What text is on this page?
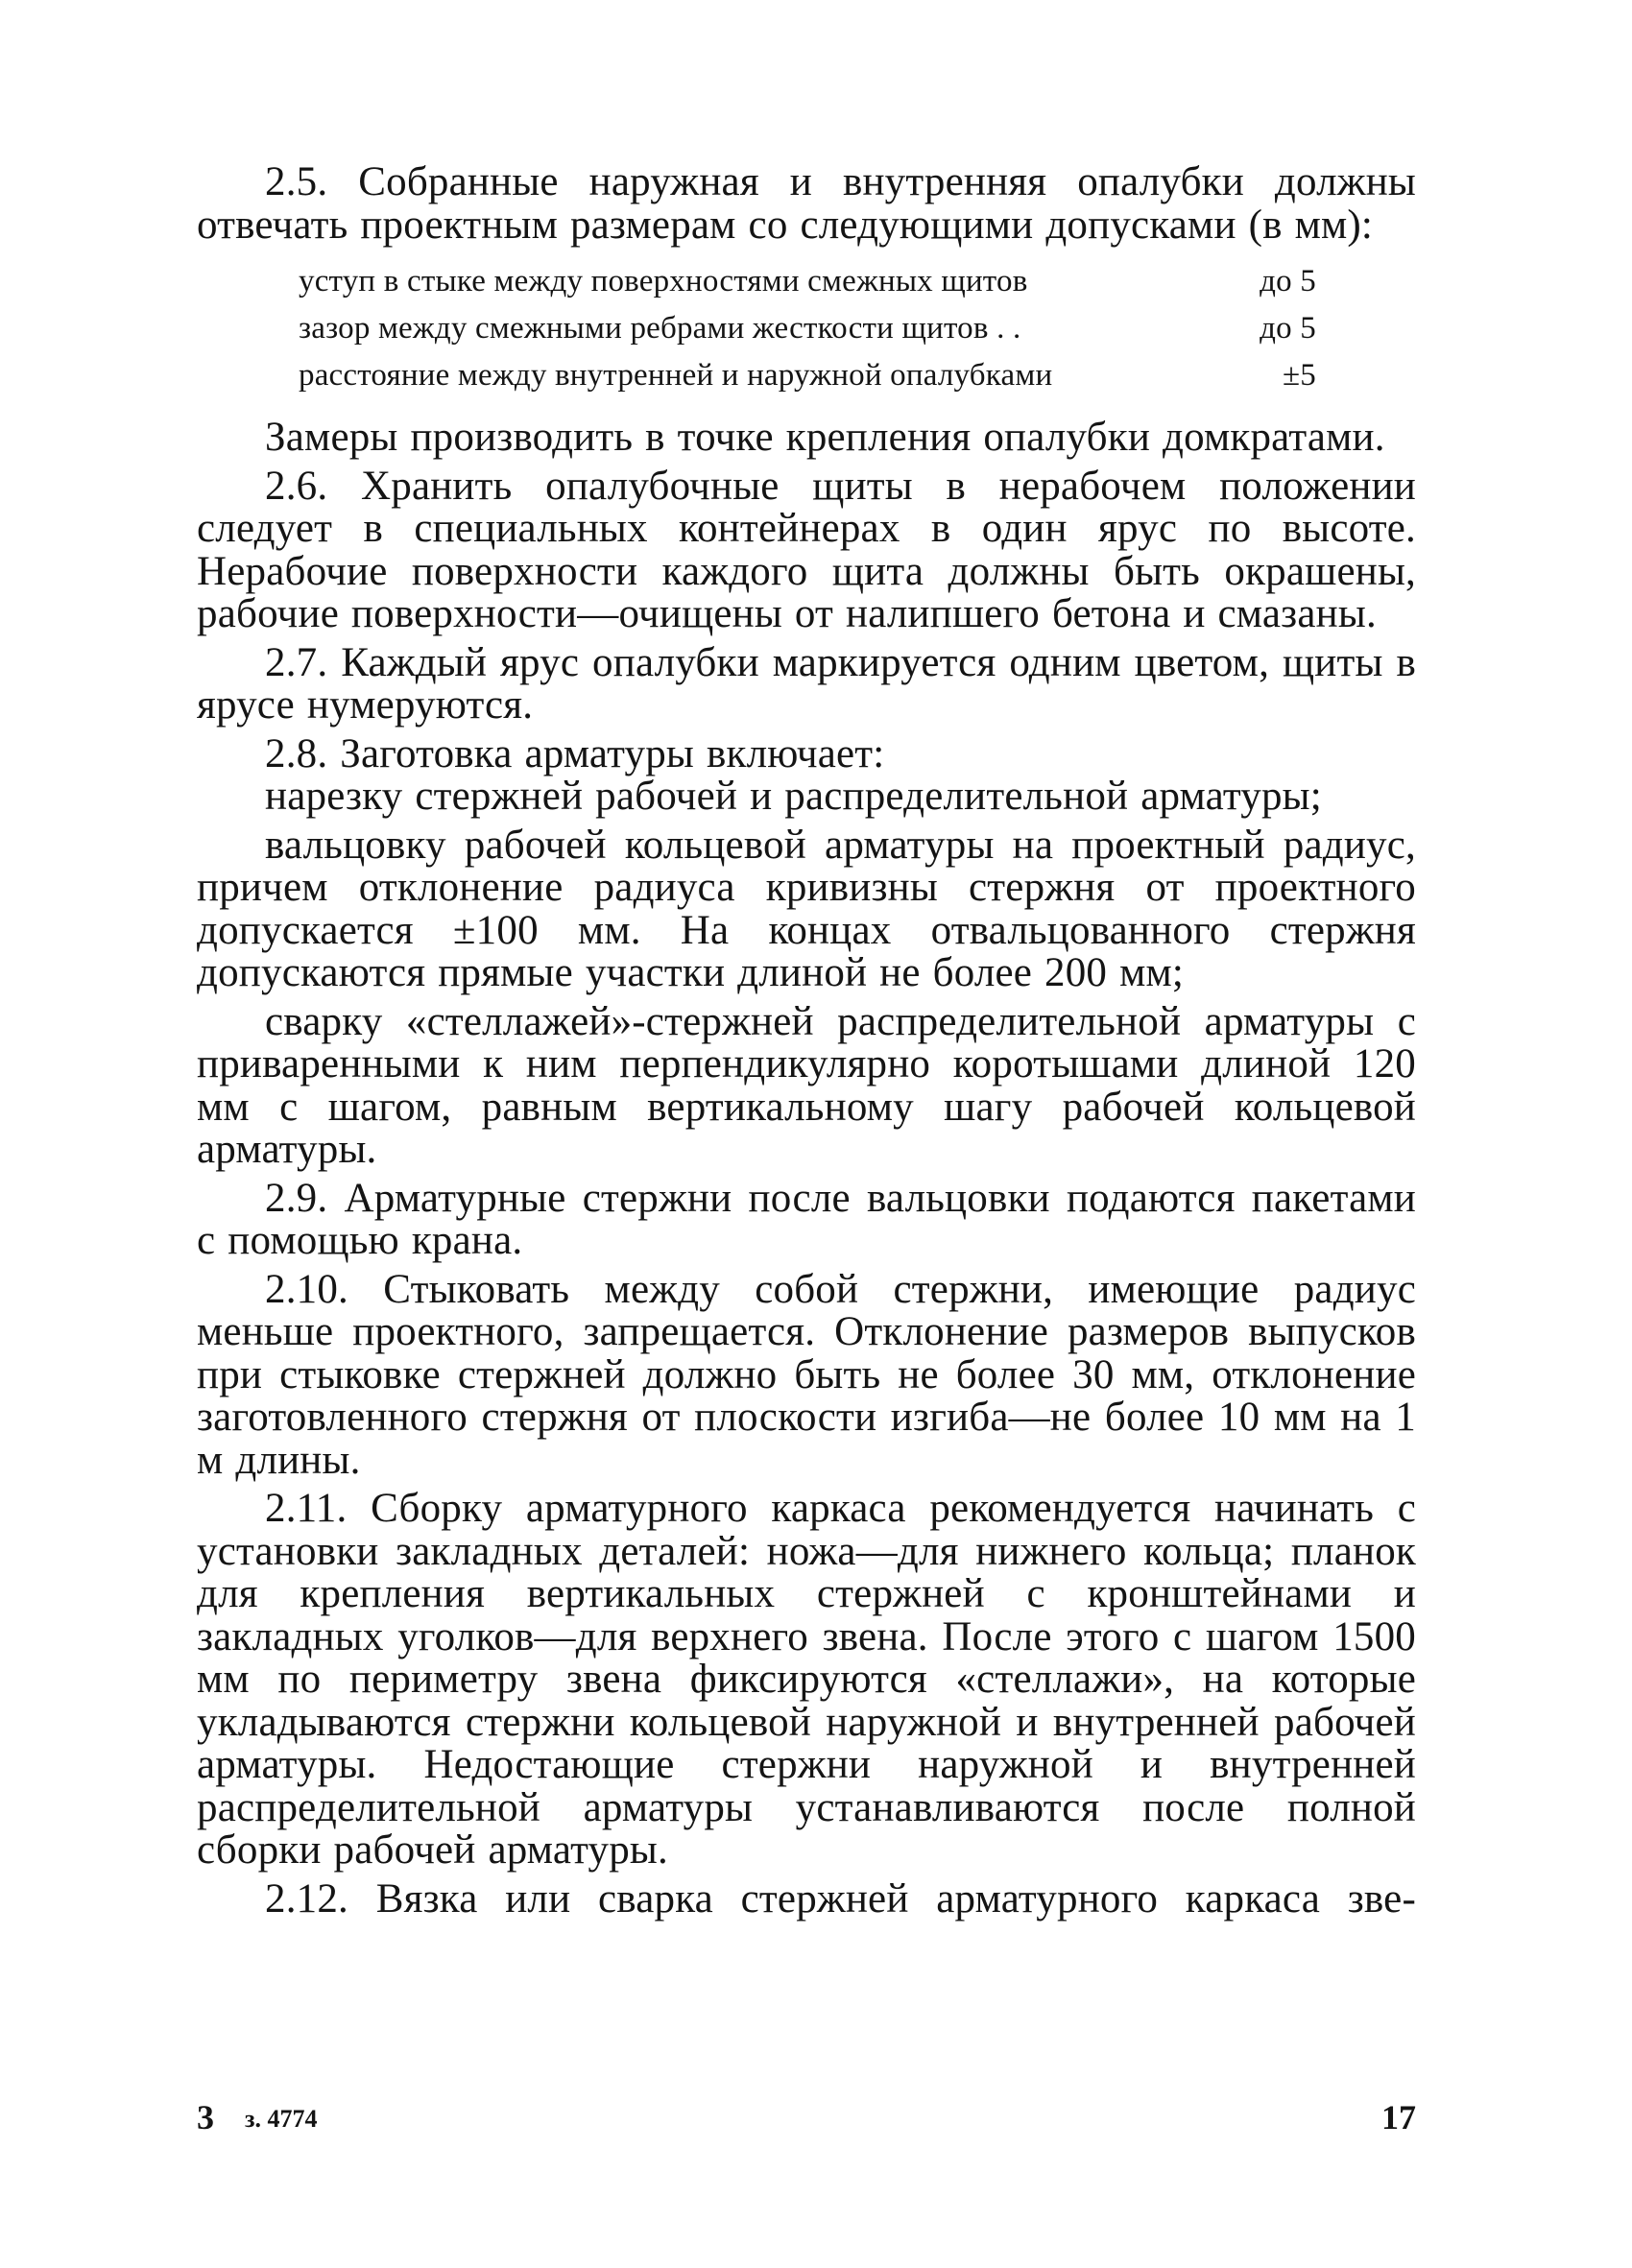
2.5. Собранные наружная и внутренняя опалубки должны отвечать проектным размерам со следующими допусками (в мм):

уступ в стыке между поверхностями смежных щитов	до 5
зазор между смежными ребрами жесткости щитов . .	до 5
расстояние между внутренней и наружной опалубками	±5

Замеры производить в точке крепления опалубки домкратами.

2.6. Хранить опалубочные щиты в нерабочем положении следует в специальных контейнерах в один ярус по высоте. Нерабочие поверхности каждого щита должны быть окрашены, рабочие поверхности—очищены от налипшего бетона и смазаны.

2.7. Каждый ярус опалубки маркируется одним цветом, щиты в ярусе нумеруются.

2.8. Заготовка арматуры включает:

нарезку стержней рабочей и распределительной арматуры;

вальцовку рабочей кольцевой арматуры на проектный радиус, причем отклонение радиуса кривизны стержня от проектного допускается ±100 мм. На концах отвальцованного стержня допускаются прямые участки длиной не более 200 мм;

сварку «стеллажей»-стержней распределительной арматуры с приваренными к ним перпендикулярно коротышами длиной 120 мм с шагом, равным вертикальному шагу рабочей кольцевой арматуры.

2.9. Арматурные стержни после вальцовки подаются пакетами с помощью крана.

2.10. Стыковать между собой стержни, имеющие радиус меньше проектного, запрещается. Отклонение размеров выпусков при стыковке стержней должно быть не более 30 мм, отклонение заготовленного стержня от плоскости изгиба—не более 10 мм на 1 м длины.

2.11. Сборку арматурного каркаса рекомендуется начинать с установки закладных деталей: ножа—для нижнего кольца; планок для крепления вертикальных стержней с кронштейнами и закладных уголков—для верхнего звена. После этого с шагом 1500 мм по периметру звена фиксируются «стеллажи», на которые укладываются стержни кольцевой наружной и внутренней рабочей арматуры. Недостающие стержни наружной и внутренней распределительной арматуры устанавливаются после полной сборки рабочей арматуры.

2.12. Вязка или сварка стержней арматурного каркаса зве-

3 з. 4774	17
